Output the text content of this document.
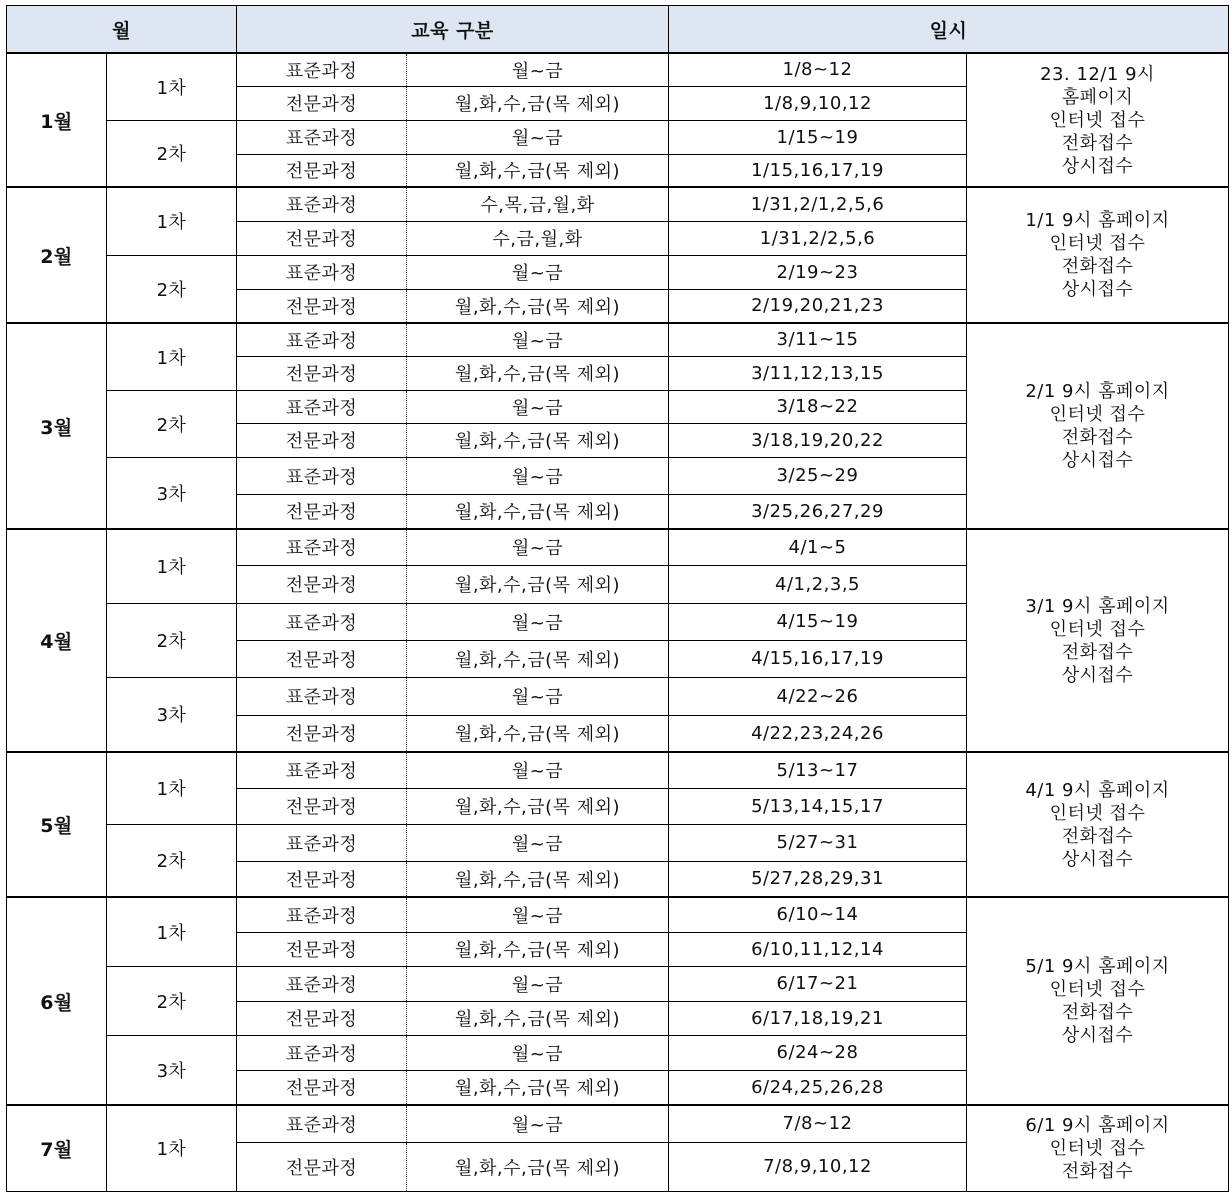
월		교육 구분		일시	
1월	1차	표준과정	월~금	1/8~12	23. 12/1 9시
홈페이지
인터넷 접수
전화접수
상시접수

		전문과정	월,화,수,금(목 제외)	1/8,9,10,12	
	2차	표준과정	월~금	1/15~19	
		전문과정	월,화,수,금(목 제외)	1/15,16,17,19	
2월	1차	표준과정	수,목,금,월,화	1/31,2/1,2,5,6	1/1 9시 홈페이지
인터넷 접수
전화접수
상시접수

		전문과정	수,금,월,화	1/31,2/2,5,6	
	2차	표준과정	월~금	2/19~23	
		전문과정	월,화,수,금(목 제외)	2/19,20,21,23	
3월	1차	표준과정	월~금	3/11~15	2/1 9시 홈페이지
인터넷 접수
전화접수
상시접수

		전문과정	월,화,수,금(목 제외)	3/11,12,13,15	
	2차	표준과정	월~금	3/18~22	
		전문과정	월,화,수,금(목 제외)	3/18,19,20,22	
	3차	표준과정	월~금	3/25~29	
		전문과정	월,화,수,금(목 제외)	3/25,26,27,29	
4월	1차	표준과정	월~금	4/1~5	3/1 9시 홈페이지
인터넷 접수
전화접수
상시접수

		전문과정	월,화,수,금(목 제외)	4/1,2,3,5	
	2차	표준과정	월~금	4/15~19	
		전문과정	월,화,수,금(목 제외)	4/15,16,17,19	
	3차	표준과정	월~금	4/22~26	
		전문과정	월,화,수,금(목 제외)	4/22,23,24,26	
5월	1차	표준과정	월~금	5/13~17	4/1 9시 홈페이지
인터넷 접수
전화접수
상시접수

		전문과정	월,화,수,금(목 제외)	5/13,14,15,17	
	2차	표준과정	월~금	5/27~31	
		전문과정	월,화,수,금(목 제외)	5/27,28,29,31	
6월	1차	표준과정	월~금	6/10~14	5/1 9시 홈페이지
인터넷 접수
전화접수
상시접수

		전문과정	월,화,수,금(목 제외)	6/10,11,12,14	
	2차	표준과정	월~금	6/17~21	
		전문과정	월,화,수,금(목 제외)	6/17,18,19,21	
	3차	표준과정	월~금	6/24~28	
		전문과정	월,화,수,금(목 제외)	6/24,25,26,28	
7월	1차	표준과정	월~금	7/8~12	6/1 9시 홈페이지
인터넷 접수
전화접수

		전문과정	월,화,수,금(목 제외)	7/8,9,10,12	
